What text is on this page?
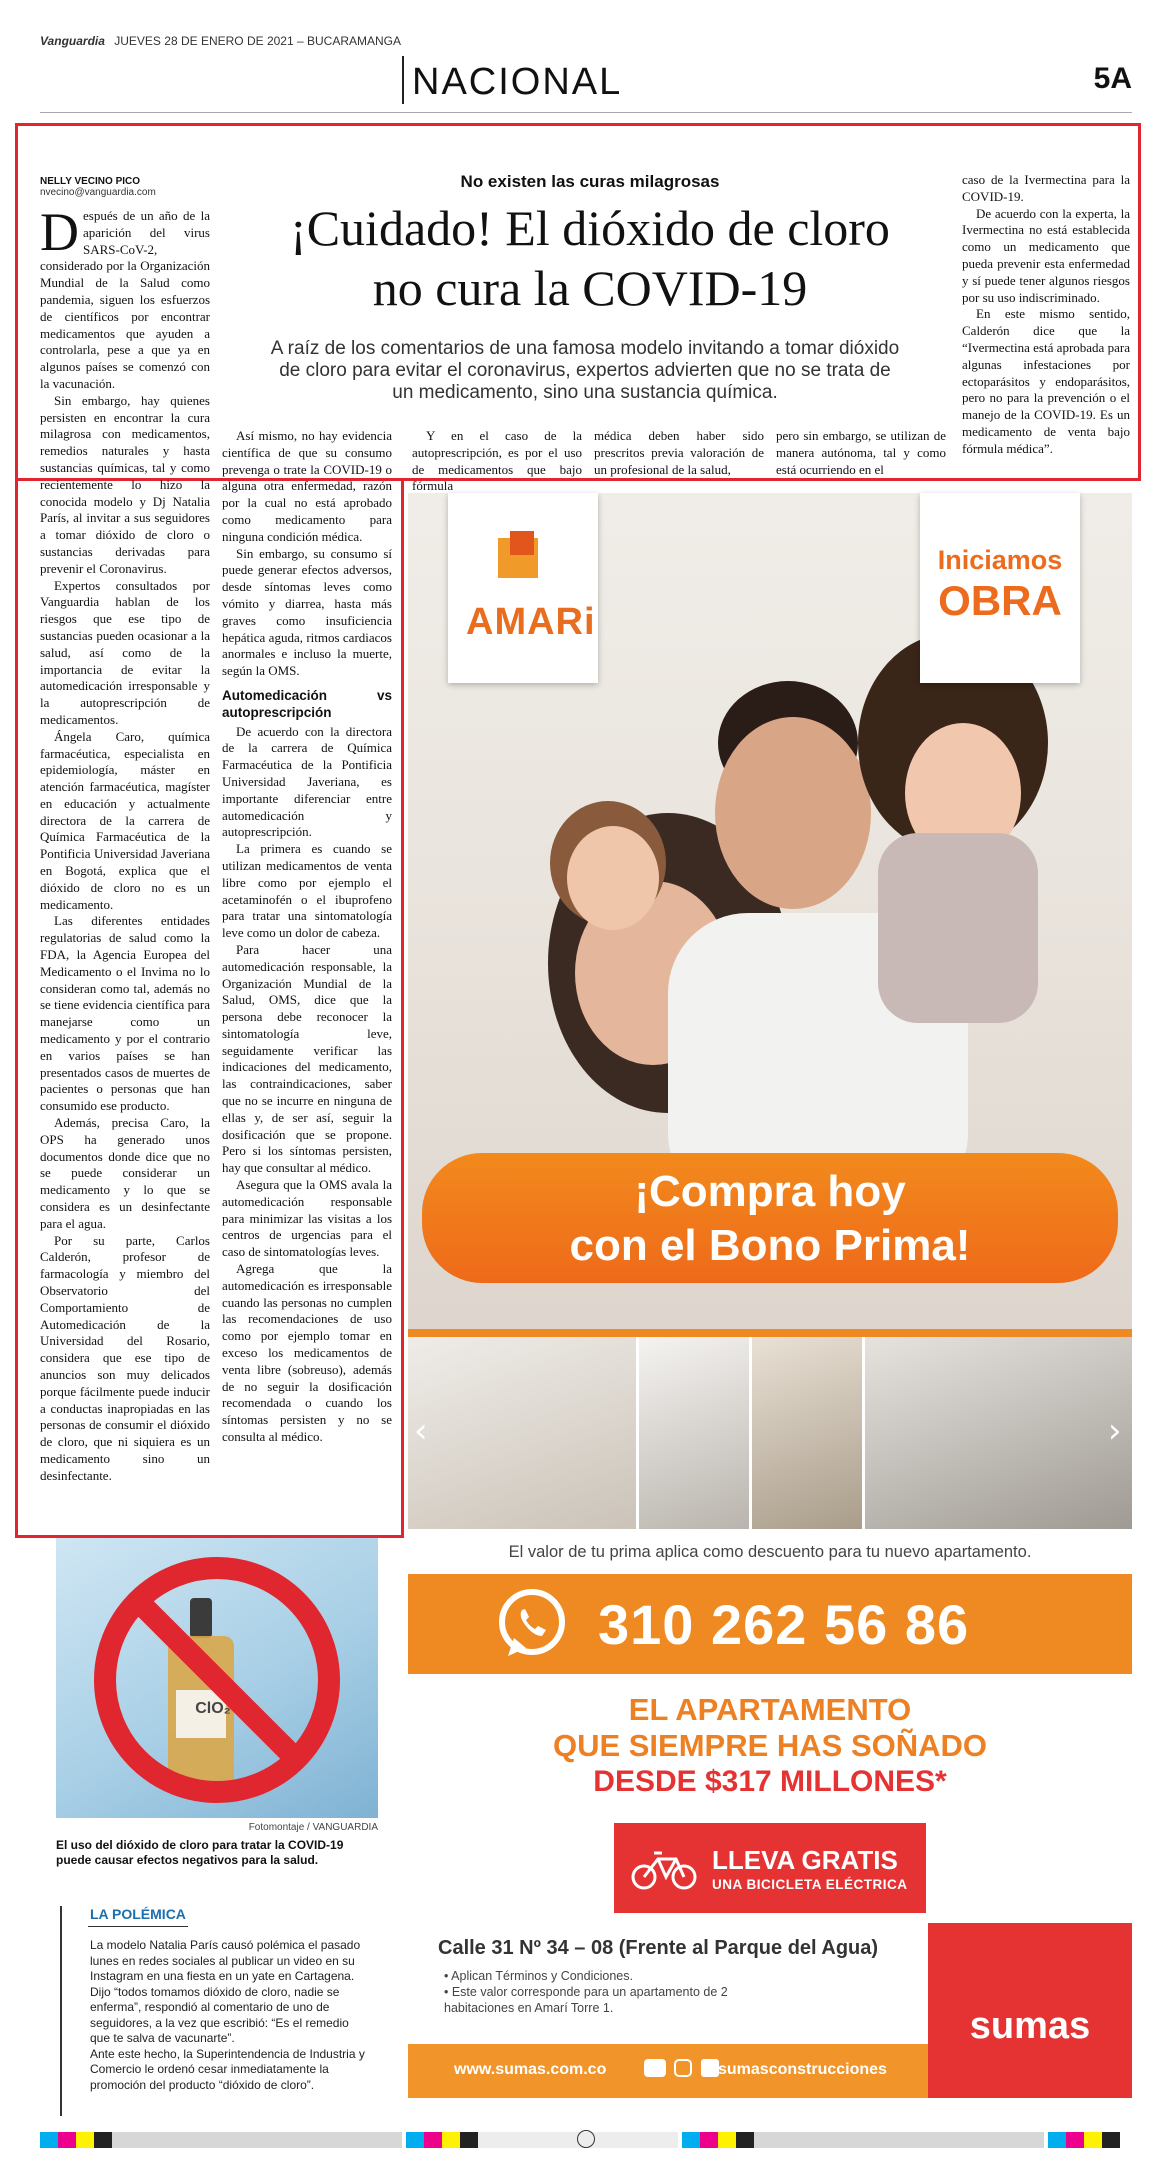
Vanguardia JUEVES 28 DE ENERO DE 2021 – BUCARAMANGA
NACIONAL	5A
No existen las curas milagrosas
¡Cuidado! El dióxido de cloro
no cura la COVID-19
A raíz de los comentarios de una famosa modelo invitando a tomar dióxido de cloro para evitar el coronavirus, expertos advierten que no se trata de un medicamento, sino una sustancia química.
NELLY VECINO PICO
nvecino@vanguardia.com

Después de un año de la aparición del virus SARS-CoV-2, considerado por la Organización Mundial de la Salud como pandemia, siguen los esfuerzos de científicos por encontrar medicamentos que ayuden a controlarla, pese a que ya en algunos países se comenzó con la vacunación.

Sin embargo, hay quienes persisten en encontrar la cura milagrosa con medicamentos, remedios naturales y hasta sustancias químicas, tal y como recientemente lo hizo la conocida modelo y Dj Natalia París, al invitar a sus seguidores a tomar dióxido de cloro o sustancias derivadas para prevenir el Coronavirus.

Expertos consultados por Vanguardia hablan de los riesgos que ese tipo de sustancias pueden ocasionar a la salud, así como de la importancia de evitar la automedicación irresponsable y la autoprescripción de medicamentos.

Ángela Caro, química farmacéutica, especialista en epidemiología, máster en atención farmacéutica, magíster en educación y actualmente directora de la carrera de Química Farmacéutica de la Pontificia Universidad Javeriana en Bogotá, explica que el dióxido de cloro no es un medicamento.

Las diferentes entidades regulatorias de salud como la FDA, la Agencia Europea del Medicamento o el Invima no lo consideran como tal, además no se tiene evidencia científica para manejarse como un medicamento y por el contrario en varios países se han presentados casos de muertes de pacientes o personas que han consumido ese producto.

Además, precisa Caro, la OPS ha generado unos documentos donde dice que no se puede considerar un medicamento y lo que se considera es un desinfectante para el agua.

Por su parte, Carlos Calderón, profesor de farmacología y miembro del Observatorio del Comportamiento de Automedicación de la Universidad del Rosario, considera que ese tipo de anuncios son muy delicados porque fácilmente puede inducir a conductas inapropiadas en las personas de consumir el dióxido de cloro, que ni siquiera es un medicamento sino un desinfectante.

Así mismo, no hay evidencia científica de que su consumo prevenga o trate la COVID-19 o alguna otra enfermedad, razón por la cual no está aprobado como medicamento para ninguna condición médica.

Sin embargo, su consumo sí puede generar efectos adversos, desde síntomas leves como vómito y diarrea, hasta más graves como insuficiencia hepática aguda, ritmos cardiacos anormales e incluso la muerte, según la OMS.

Automedicación vs autoprescripción

De acuerdo con la directora de la carrera de Química Farmacéutica de la Pontificia Universidad Javeriana, es importante diferenciar entre automedicación y autoprescripción.

La primera es cuando se utilizan medicamentos de venta libre como por ejemplo el acetaminofén o el ibuprofeno para tratar una sintomatología leve como un dolor de cabeza.

Para hacer una automedicación responsable, la Organización Mundial de la Salud, OMS, dice que la persona debe reconocer la sintomatología leve, seguidamente verificar las indicaciones del medicamento, las contraindicaciones, saber que no se incurre en ninguna de ellas y, de ser así, seguir la dosificación que se propone. Pero si los síntomas persisten, hay que consultar al médico.

Asegura que la OMS avala la automedicación responsable para minimizar las visitas a los centros de urgencias para el caso de sintomatologías leves.

Agrega que la automedicación es irresponsable cuando las personas no cumplen las recomendaciones de uso como por ejemplo tomar en exceso los medicamentos de venta libre (sobreuso), además de no seguir la dosificación recomendada o cuando los síntomas persisten y no se consulta al médico.

Y en el caso de la autoprescripción, es por el uso de medicamentos que bajo fórmula

médica deben haber sido prescritos previa valoración de un profesional de la salud,

pero sin embargo, se utilizan de manera autónoma, tal y como está ocurriendo en el

caso de la Ivermectina para la COVID-19.

De acuerdo con la experta, la Ivermectina no está establecida como un medicamento que pueda prevenir esta enfermedad y sí puede tener algunos riesgos por su uso indiscriminado.

En este mismo sentido, Calderón dice que la “Ivermectina está aprobada para algunas infestaciones por ectoparásitos y endoparásitos, pero no para la prevención o el manejo de la COVID-19. Es un medicamento de venta bajo fórmula médica”.

AMARi
Iniciamos
OBRA
¡Compra hoy
con el Bono Prima!
‹	›
El valor de tu prima aplica como descuento para tu nuevo apartamento.
310 262 56 86
EL APARTAMENTO
QUE SIEMPRE HAS SOÑADO
DESDE $317 MILLONES*
LLEVA GRATIS
UNA BICICLETA ELÉCTRICA
Calle 31 Nº 34 – 08 (Frente al Parque del Agua)
• Aplican Términos y Condiciones.
• Este valor corresponde para un apartamento de 2 habitaciones en Amarí Torre 1.
www.sumas.com.co
	sumasconstrucciones
sumas
ClO₂
Fotomontaje / VANGUARDIA
El uso del dióxido de cloro para tratar la COVID-19 puede causar efectos negativos para la salud.
LA POLÉMICA
La modelo Natalia París causó polémica el pasado lunes en redes sociales al publicar un video en su Instagram en una fiesta en un yate en Cartagena. Dijo “todos tomamos dióxido de cloro, nadie se enferma”, respondió al comentario de uno de seguidores, a la vez que escribió: “Es el remedio que te salva de vacunarte”.
Ante este hecho, la Superintendencia de Industria y Comercio le ordenó cesar inmediatamente la promoción del producto “dióxido de cloro”.
